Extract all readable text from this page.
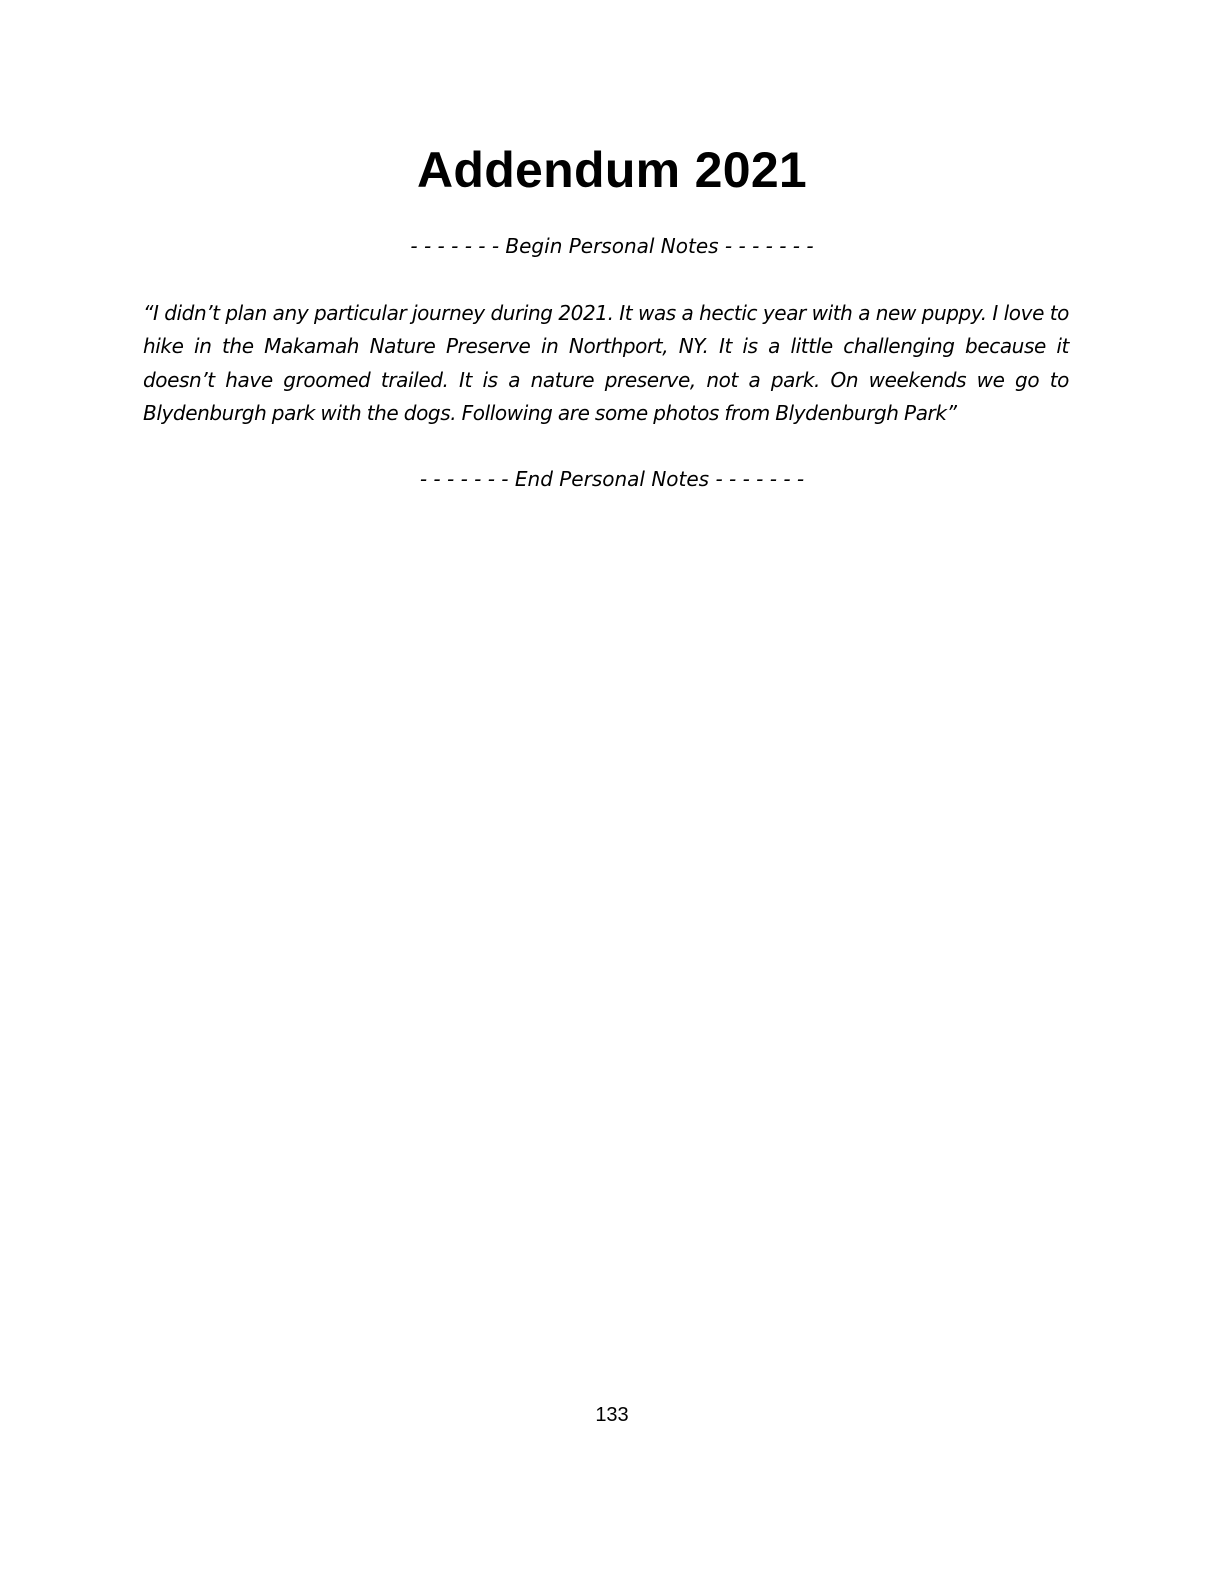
Addendum 2021

- - - - - - - Begin Personal Notes - - - - - - -

“I didn’t plan any particular journey during 2021. It was a hectic year with a new puppy. I love to hike in the Makamah Nature Preserve in Northport, NY. It is a little challenging because it doesn’t have groomed trailed. It is a nature preserve, not a park. On weekends we go to Blydenburgh park with the dogs. Following are some photos from Blydenburgh Park”

- - - - - - - End Personal Notes - - - - - - -

133
